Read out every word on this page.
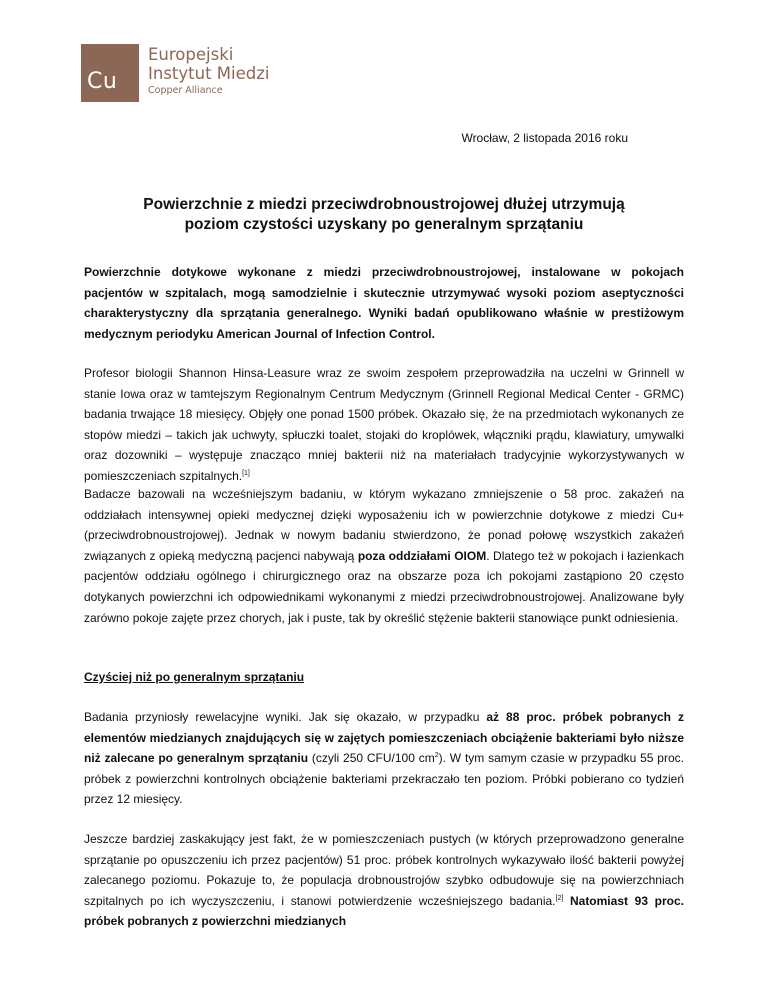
Cu
Europejski
Instytut Miedzi
Copper Alliance
Wrocław, 2 listopada 2016 roku
Powierzchnie z miedzi przeciwdrobnoustrojowej dłużej utrzymują
poziom czystości uzyskany po generalnym sprzątaniu
Powierzchnie dotykowe wykonane z miedzi przeciwdrobnoustrojowej, instalowane w pokojach pacjentów w szpitalach, mogą samodzielnie i skutecznie utrzymywać wysoki poziom aseptyczności charakterystyczny dla sprzątania generalnego. Wyniki badań opublikowano właśnie w prestiżowym medycznym periodyku American Journal of Infection Control.
Profesor biologii Shannon Hinsa-Leasure wraz ze swoim zespołem przeprowadziła na uczelni w Grinnell w stanie Iowa oraz w tamtejszym Regionalnym Centrum Medycznym (Grinnell Regional Medical Center - GRMC) badania trwające 18 miesięcy. Objęły one ponad 1500 próbek. Okazało się, że na przedmiotach wykonanych ze stopów miedzi – takich jak uchwyty, spłuczki toalet, stojaki do kroplówek, włączniki prądu, klawiatury, umywalki oraz dozowniki – występuje znacząco mniej bakterii niż na materiałach tradycyjnie wykorzystywanych w pomieszczeniach szpitalnych.[1]
Badacze bazowali na wcześniejszym badaniu, w którym wykazano zmniejszenie o 58 proc. zakażeń na oddziałach intensywnej opieki medycznej dzięki wyposażeniu ich w powierzchnie dotykowe z miedzi Cu+ (przeciwdrobnoustrojowej). Jednak w nowym badaniu stwierdzono, że ponad połowę wszystkich zakażeń związanych z opieką medyczną pacjenci nabywają poza oddziałami OIOM. Dlatego też w pokojach i łazienkach pacjentów oddziału ogólnego i chirurgicznego oraz na obszarze poza ich pokojami zastąpiono 20 często dotykanych powierzchni ich odpowiednikami wykonanymi z miedzi przeciwdrobnoustrojowej. Analizowane były zarówno pokoje zajęte przez chorych, jak i puste, tak by określić stężenie bakterii stanowiące punkt odniesienia.
Czyściej niż po generalnym sprzątaniu
Badania przyniosły rewelacyjne wyniki. Jak się okazało, w przypadku aż 88 proc. próbek pobranych z elementów miedzianych znajdujących się w zajętych pomieszczeniach obciążenie bakteriami było niższe niż zalecane po generalnym sprzątaniu (czyli 250 CFU/100 $cm^2$). W tym samym czasie w przypadku 55 proc. próbek z powierzchni kontrolnych obciążenie bakteriami przekraczało ten poziom. Próbki pobierano co tydzień przez 12 miesięcy.
Jeszcze bardziej zaskakujący jest fakt, że w pomieszczeniach pustych (w których przeprowadzono generalne sprzątanie po opuszczeniu ich przez pacjentów) 51 proc. próbek kontrolnych wykazywało ilość bakterii powyżej zalecanego poziomu. Pokazuje to, że populacja drobnoustrojów szybko odbudowuje się na powierzchniach szpitalnych po ich wyczyszczeniu, i stanowi potwierdzenie wcześniejszego badania.[2] Natomiast 93 proc. próbek pobranych z powierzchni miedzianych
